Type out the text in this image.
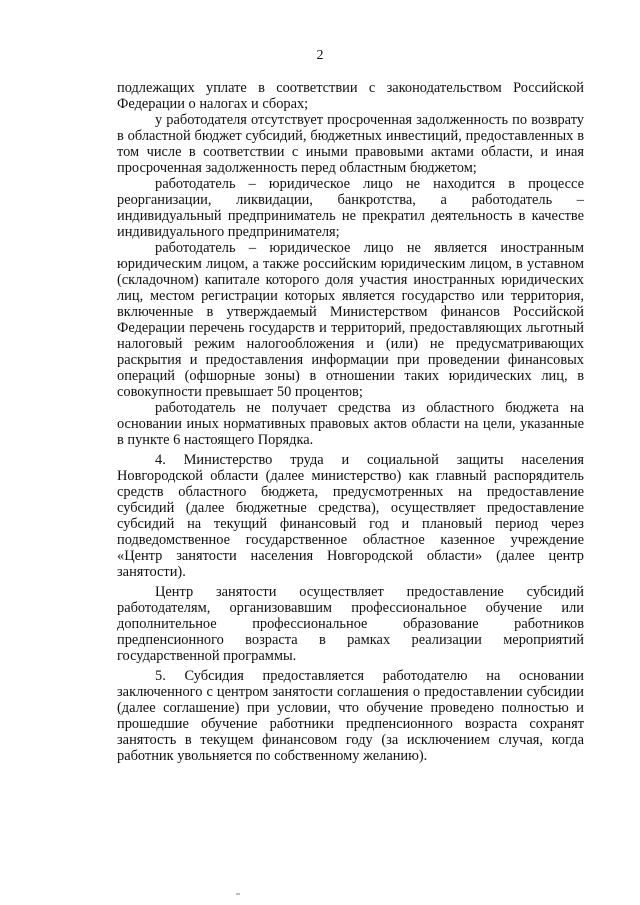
2

подлежащих уплате в соответствии с законодательством Российской Федерации о налогах и сборах;

у работодателя отсутствует просроченная задолженность по возврату в областной бюджет субсидий, бюджетных инвестиций, предоставленных в том числе в соответствии с иными правовыми актами области, и иная просроченная задолженность перед областным бюджетом;

работодатель – юридическое лицо не находится в процессе реорганизации, ликвидации, банкротства, а работодатель – индивидуальный предприниматель не прекратил деятельность в качестве индивидуального предпринимателя;

работодатель – юридическое лицо не является иностранным юридическим лицом, а также российским юридическим лицом, в уставном (складочном) капитале которого доля участия иностранных юридических лиц, местом регистрации которых является государство или территория, включенные в утверждаемый Министерством финансов Российской Федерации перечень государств и территорий, предоставляющих льготный налоговый режим налогообложения и (или) не предусматривающих раскрытия и предоставления информации при проведении финансовых операций (офшорные зоны) в отношении таких юридических лиц, в совокупности превышает 50 процентов;

работодатель не получает средства из областного бюджета на основании иных нормативных правовых актов области на цели, указанные в пункте 6 настоящего Порядка.

4. Министерство труда и социальной защиты населения Новгородской области (далее министерство) как главный распорядитель средств областного бюджета, предусмотренных на предоставление субсидий (далее бюджетные средства), осуществляет предоставление субсидий на текущий финансовый год и плановый период через подведомственное государственное областное казенное учреждение «Центр занятости населения Новгородской области» (далее центр занятости).

Центр занятости осуществляет предоставление субсидий работодателям, организовавшим профессиональное обучение или дополнительное профессиональное образование работников предпенсионного возраста в рамках реализации мероприятий государственной программы.

5. Субсидия предоставляется работодателю на основании заключенного с центром занятости соглашения о предоставлении субсидии (далее соглашение) при условии, что обучение проведено полностью и прошедшие обучение работники предпенсионного возраста сохранят занятость в текущем финансовом году (за исключением случая, когда работник увольняется по собственному желанию).
